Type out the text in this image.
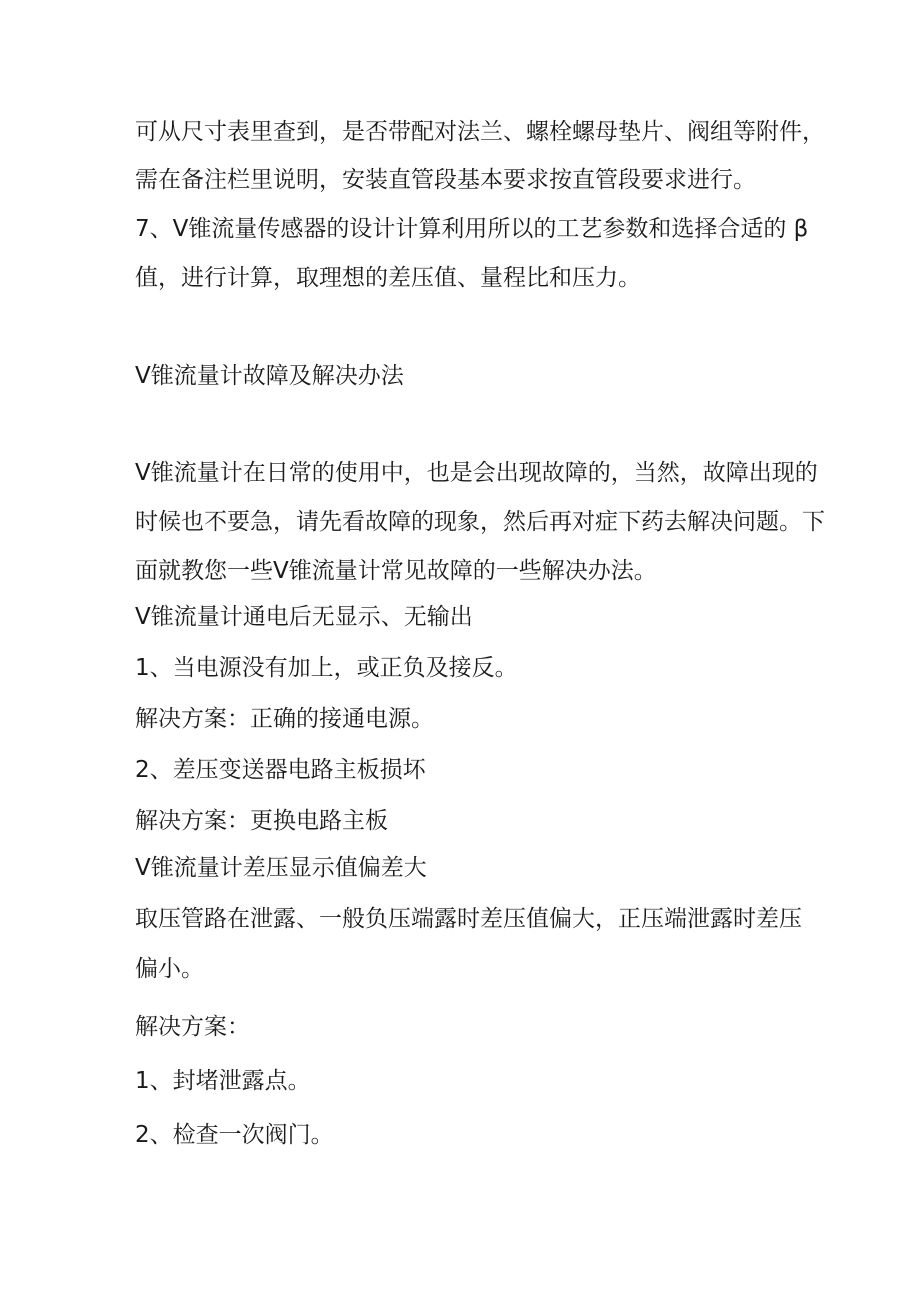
可从尺寸表里查到，是否带配对法兰、螺栓螺母垫片、阀组等附件，

需在备注栏里说明，安装直管段基本要求按直管段要求进行。

7、V锥流量传感器的设计计算利用所以的工艺参数和选择合适的 β

值，进行计算，取理想的差压值、量程比和压力。

V锥流量计故障及解决办法

V锥流量计在日常的使用中，也是会出现故障的，当然，故障出现的

时候也不要急，请先看故障的现象，然后再对症下药去解决问题。下

面就教您一些V锥流量计常见故障的一些解决办法。

V锥流量计通电后无显示、无输出

1、当电源没有加上，或正负及接反。

解决方案：正确的接通电源。

2、差压变送器电路主板损坏

解决方案：更换电路主板

V锥流量计差压显示值偏差大

取压管路在泄露、一般负压端露时差压值偏大，正压端泄露时差压

偏小。

解决方案：

1、封堵泄露点。

2、检查一次阀门。
